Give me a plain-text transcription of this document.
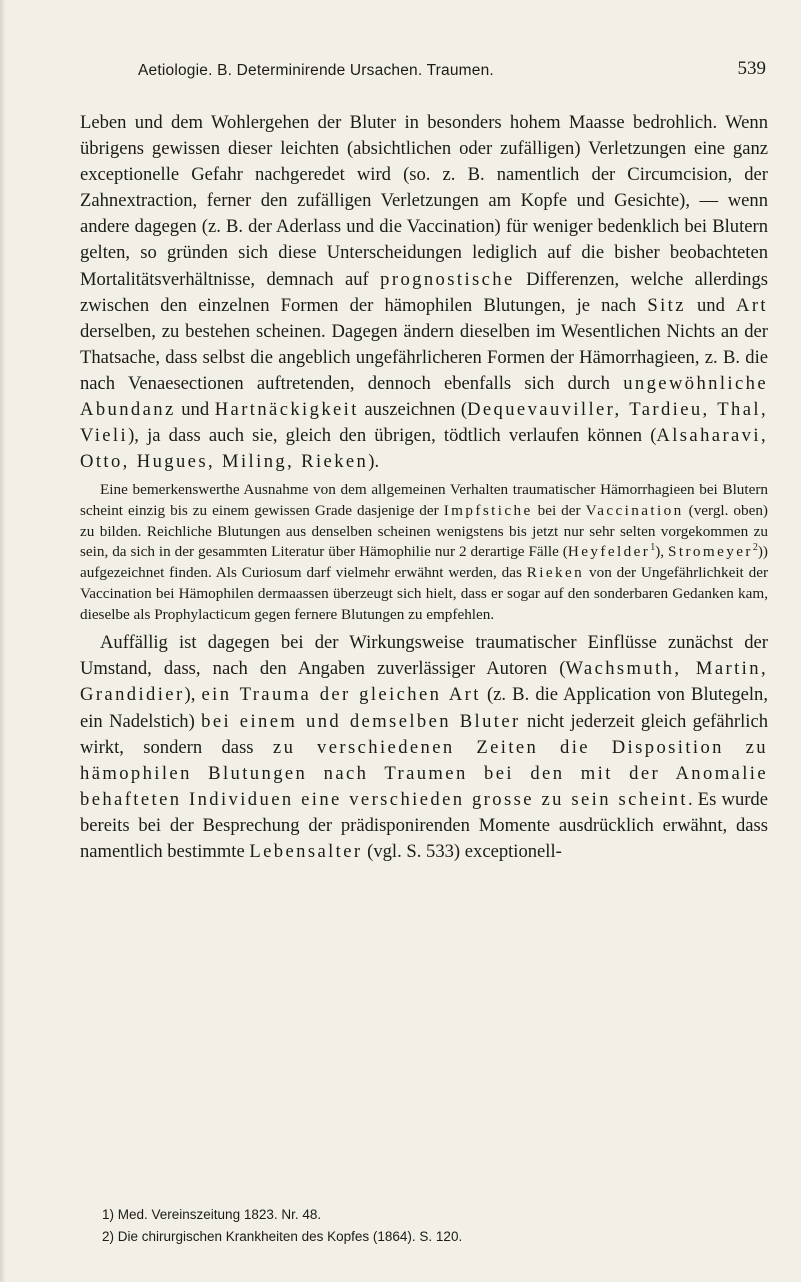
Aetiologie. B. Determinirende Ursachen. Traumen.	539

Leben und dem Wohlergehen der Bluter in besonders hohem Maasse bedrohlich. Wenn übrigens gewissen dieser leichten (absichtlichen oder zufälligen) Verletzungen eine ganz exceptionelle Gefahr nachgeredet wird (so. z. B. namentlich der Circumcision, der Zahnextraction, ferner den zufälligen Verletzungen am Kopfe und Gesichte), — wenn andere dagegen (z. B. der Aderlass und die Vaccination) für weniger bedenklich bei Blutern gelten, so gründen sich diese Unterscheidungen lediglich auf die bisher beobachteten Mortalitätsverhältnisse, demnach auf prognostische Differenzen, welche allerdings zwischen den einzelnen Formen der hämophilen Blutungen, je nach Sitz und Art derselben, zu bestehen scheinen. Dagegen ändern dieselben im Wesentlichen Nichts an der Thatsache, dass selbst die angeblich ungefährlicheren Formen der Hämorrhagieen, z. B. die nach Venaesectionen auftretenden, dennoch ebenfalls sich durch ungewöhnliche Abundanz und Hartnäckigkeit auszeichnen (Dequevauviller, Tardieu, Thal, Vieli), ja dass auch sie, gleich den übrigen, tödtlich verlaufen können (Alsaharavi, Otto, Hugues, Miling, Rieken).

Eine bemerkenswerthe Ausnahme von dem allgemeinen Verhalten traumatischer Hämorrhagieen bei Blutern scheint einzig bis zu einem gewissen Grade dasjenige der Impfstiche bei der Vaccination (vergl. oben) zu bilden. Reichliche Blutungen aus denselben scheinen wenigstens bis jetzt nur sehr selten vorgekommen zu sein, da sich in der gesammten Literatur über Hämophilie nur 2 derartige Fälle (Heyfelder$^1$), Stromeyer$^2$)) aufgezeichnet finden. Als Curiosum darf vielmehr erwähnt werden, das Rieken von der Ungefährlichkeit der Vaccination bei Hämophilen dermaassen überzeugt sich hielt, dass er sogar auf den sonderbaren Gedanken kam, dieselbe als Prophylacticum gegen fernere Blutungen zu empfehlen.

Auffällig ist dagegen bei der Wirkungsweise traumatischer Einflüsse zunächst der Umstand, dass, nach den Angaben zuverlässiger Autoren (Wachsmuth, Martin, Grandidier), ein Trauma der gleichen Art (z. B. die Application von Blutegeln, ein Nadelstich) bei einem und demselben Bluter nicht jederzeit gleich gefährlich wirkt, sondern dass zu verschiedenen Zeiten die Disposition zu hämophilen Blutungen nach Traumen bei den mit der Anomalie behafteten Individuen eine verschieden grosse zu sein scheint. Es wurde bereits bei der Besprechung der prädisponirenden Momente ausdrücklich erwähnt, dass namentlich bestimmte Lebensalter (vgl. S. 533) exceptionell-

1) Med. Vereinszeitung 1823. Nr. 48.

2) Die chirurgischen Krankheiten des Kopfes (1864). S. 120.
